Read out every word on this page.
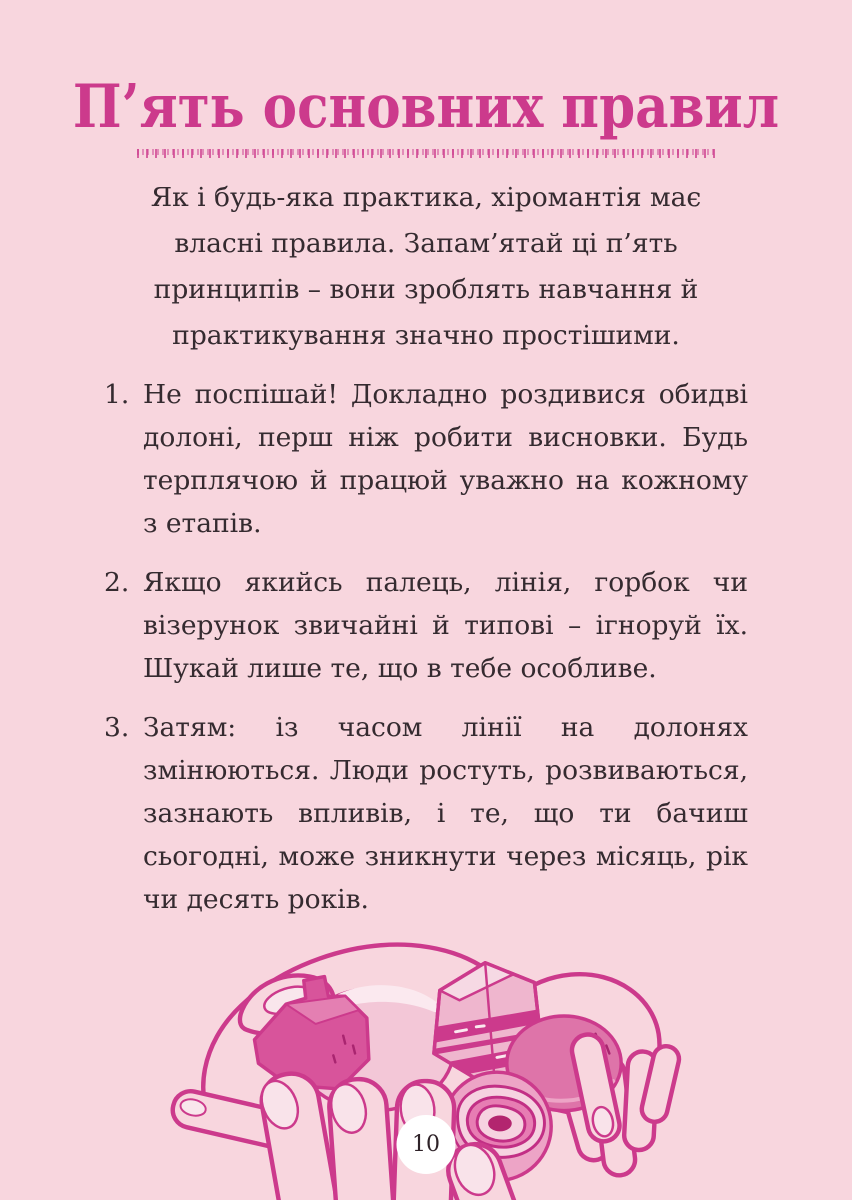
П’ять основних правил

Як і будь-яка практика, хіромантія має власні правила. Запам’ятай ці п’ять принципів – вони зроблять навчання й практикування значно простішими.

1. Не поспішай! Докладно роздивися обидві долоні, перш ніж робити висновки. Будь терплячою й працюй уважно на кожному з етапів.
2. Якщо якийсь палець, лінія, горбок чи візерунок звичайні й типові – ігноруй їх. Шукай лише те, що в тебе особливе.
3. Затям: із часом лінії на долонях змінюються. Люди ростуть, розвиваються, зазнають впливів, і те, що ти бачиш сьогодні, може зникнути через місяць, рік чи десять років.
10
